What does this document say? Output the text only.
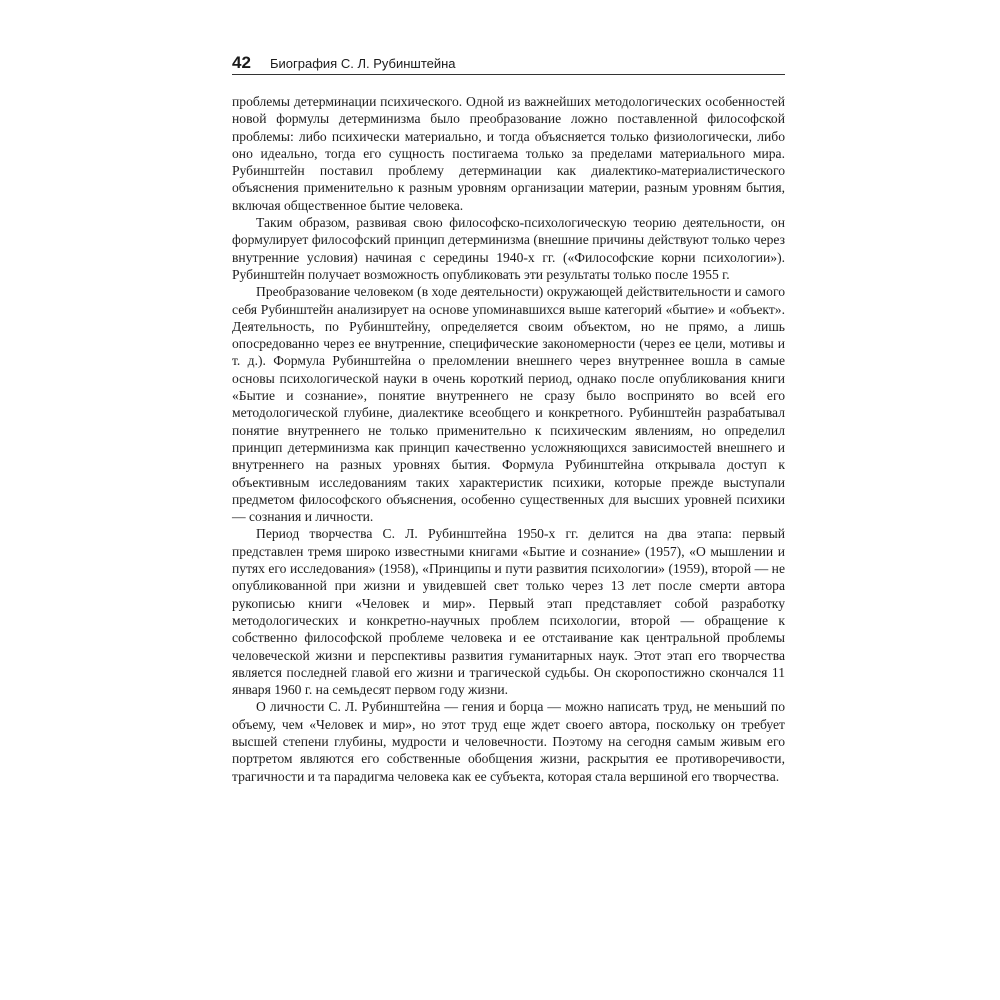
42 Биография С. Л. Рубинштейна

проблемы детерминации психического. Одной из важнейших методологических особенностей новой формулы детерминизма было преобразование ложно поставленной философской проблемы: либо психически материально, и тогда объясняется только физиологически, либо оно идеально, тогда его сущность постигаема только за пределами материального мира. Рубинштейн поставил проблему детерминации как диалектико-материалистического объяснения применительно к разным уровням организации материи, разным уровням бытия, включая общественное бытие человека.

Таким образом, развивая свою философско-психологическую теорию деятельности, он формулирует философский принцип детерминизма (внешние причины действуют только через внутренние условия) начиная с середины 1940-х гг. («Философские корни психологии»). Рубинштейн получает возможность опубликовать эти результаты только после 1955 г.

Преобразование человеком (в ходе деятельности) окружающей действительности и самого себя Рубинштейн анализирует на основе упоминавшихся выше категорий «бытие» и «объект». Деятельность, по Рубинштейну, определяется своим объектом, но не прямо, а лишь опосредованно через ее внутренние, специфические закономерности (через ее цели, мотивы и т. д.). Формула Рубинштейна о преломлении внешнего через внутреннее вошла в самые основы психологической науки в очень короткий период, однако после опубликования книги «Бытие и сознание», понятие внутреннего не сразу было воспринято во всей его методологической глубине, диалектике всеобщего и конкретного. Рубинштейн разрабатывал понятие внутреннего не только применительно к психическим явлениям, но определил принцип детерминизма как принцип качественно усложняющихся зависимостей внешнего и внутреннего на разных уровнях бытия. Формула Рубинштейна открывала доступ к объективным исследованиям таких характеристик психики, которые прежде выступали предметом философского объяснения, особенно существенных для высших уровней психики — сознания и личности.

Период творчества С. Л. Рубинштейна 1950-х гг. делится на два этапа: первый представлен тремя широко известными книгами «Бытие и сознание» (1957), «О мышлении и путях его исследования» (1958), «Принципы и пути развития психологии» (1959), второй — не опубликованной при жизни и увидевшей свет только через 13 лет после смерти автора рукописью книги «Человек и мир». Первый этап представляет собой разработку методологических и конкретно-научных проблем психологии, второй — обращение к собственно философской проблеме человека и ее отстаивание как центральной проблемы человеческой жизни и перспективы развития гуманитарных наук. Этот этап его творчества является последней главой его жизни и трагической судьбы. Он скоропостижно скончался 11 января 1960 г. на семьдесят первом году жизни.

О личности С. Л. Рубинштейна — гения и борца — можно написать труд, не меньший по объему, чем «Человек и мир», но этот труд еще ждет своего автора, поскольку он требует высшей степени глубины, мудрости и человечности. Поэтому на сегодня самым живым его портретом являются его собственные обобщения жизни, раскрытия ее противоречивости, трагичности и та парадигма человека как ее субъекта, которая стала вершиной его творчества.
